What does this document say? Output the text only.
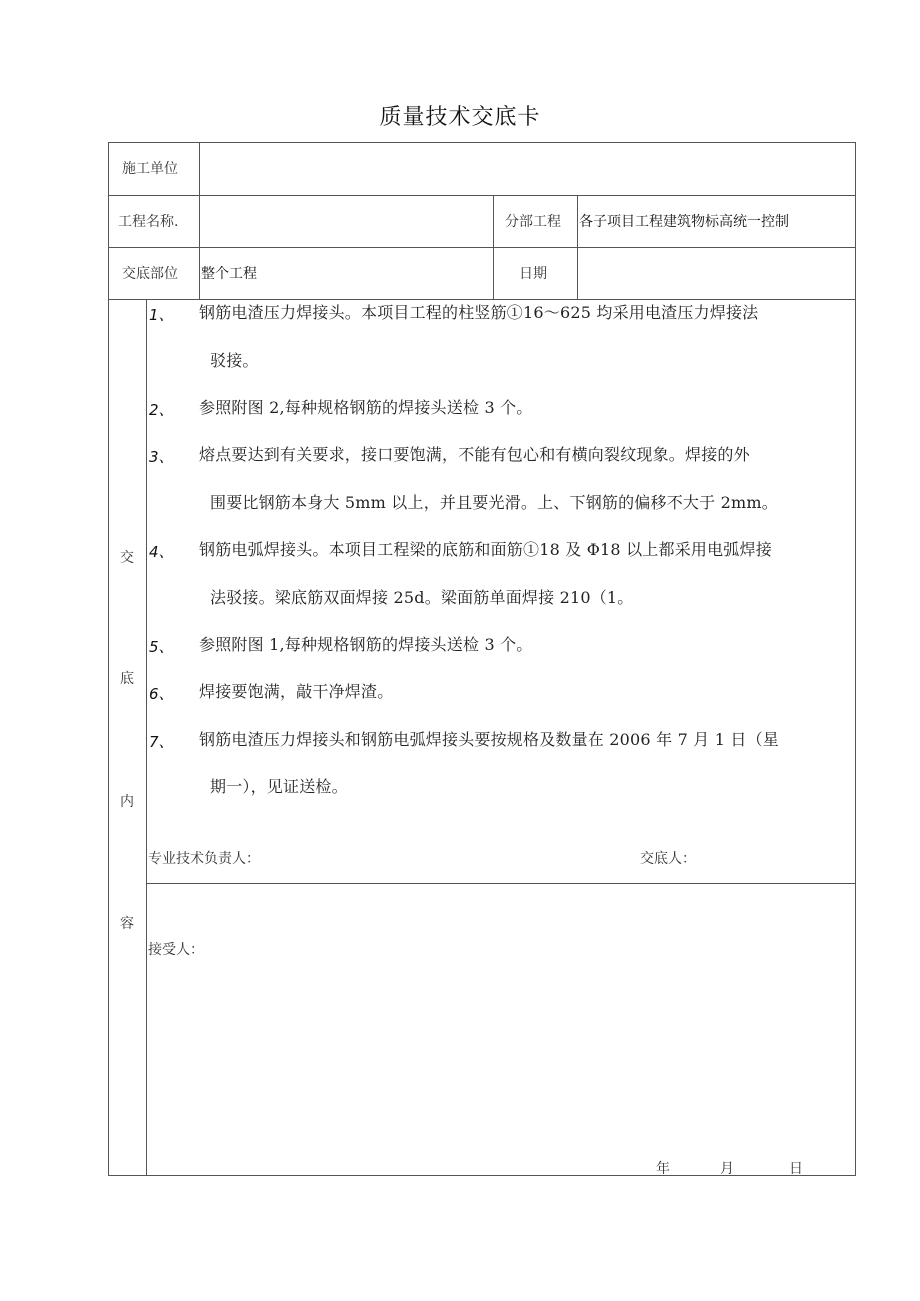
质量技术交底卡
施工单位
工程名称.	分部工程 各子项目工程建筑物标高统一控制
交底部位 整个工程	日期
交
底
内
容
1、 钢筋电渣压力焊接头。本项目工程的柱竖筋①16～625 均采用电渣压力焊接法
驳接。
2、 参照附图 2,每种规格钢筋的焊接头送检 3 个。
3、 熔点要达到有关要求，接口要饱满，不能有包心和有横向裂纹现象。焊接的外
围要比钢筋本身大 5mm 以上，并且要光滑。上、下钢筋的偏移不大于 2mm。
4、 钢筋电弧焊接头。本项目工程梁的底筋和面筋①18 及 Φ18 以上都采用电弧焊接
法驳接。梁底筋双面焊接 25d。梁面筋单面焊接 210（1。
5、 参照附图 1,每种规格钢筋的焊接头送检 3 个。
6、 焊接要饱满，敲干净焊渣。
7、 钢筋电渣压力焊接头和钢筋电弧焊接头要按规格及数量在 2006 年 7 月 1 日（星
期一），见证送检。
专业技术负责人：	交底人：
接受人：
年	月	日
